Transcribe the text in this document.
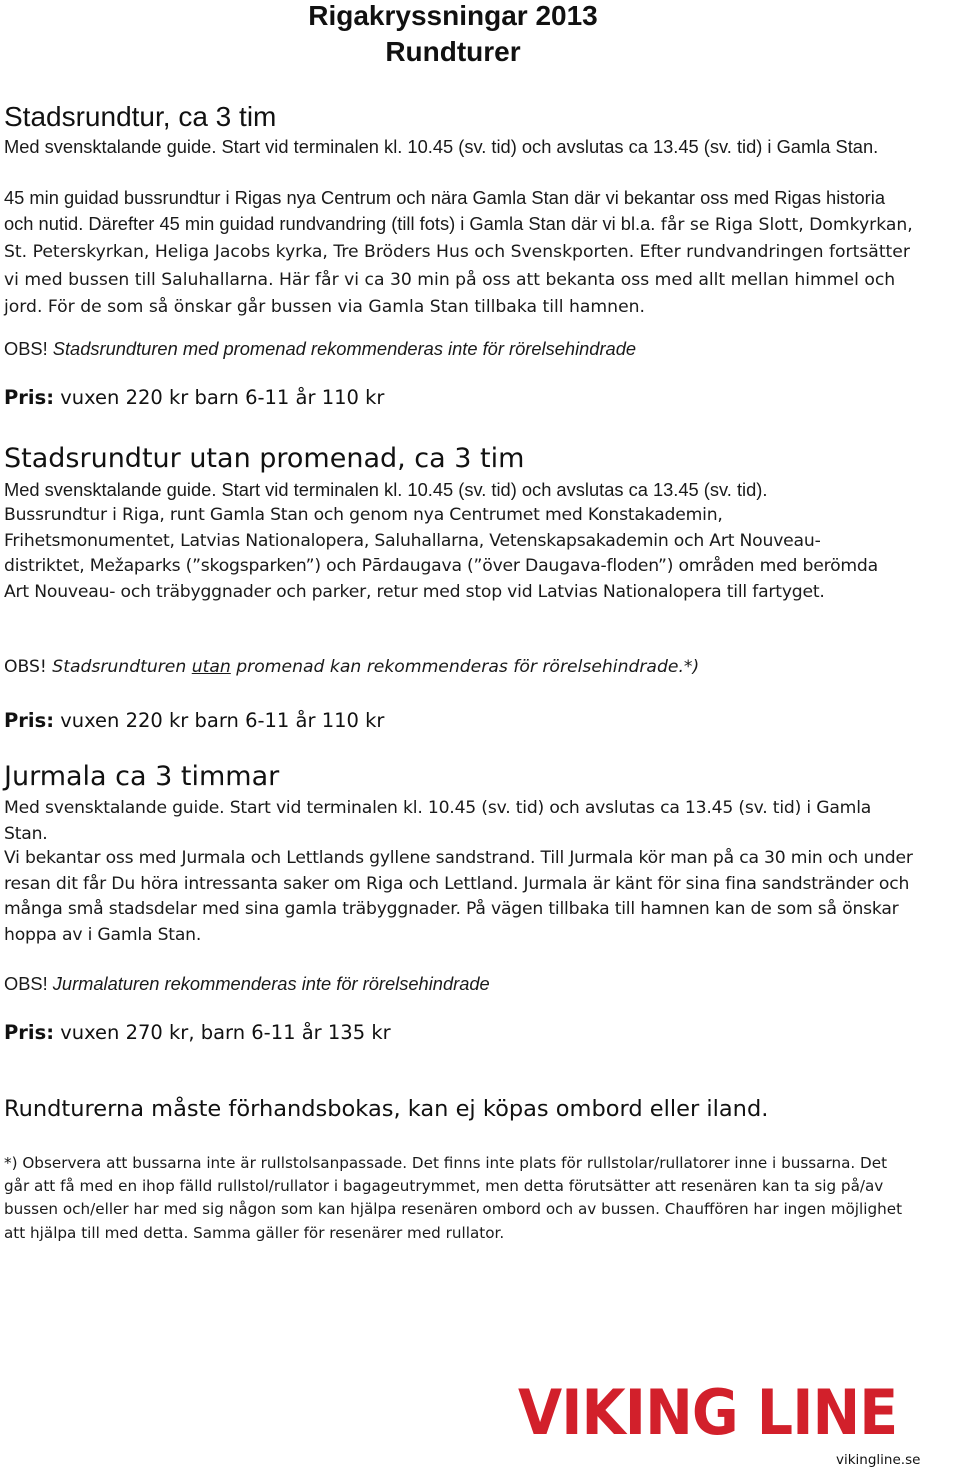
Rigakryssningar 2013
Rundturer
Stadsrundtur, ca 3 tim
Med svensktalande guide. Start vid terminalen kl. 10.45 (sv. tid) och avslutas ca 13.45 (sv. tid) i Gamla Stan.
45 min guidad bussrundtur i Rigas nya Centrum och nära Gamla Stan där vi bekantar oss med Rigas historia och nutid. Därefter 45 min guidad rundvandring (till fots) i Gamla Stan där vi bl.a. får se Riga Slott, Domkyrkan, St. Peterskyrkan, Heliga Jacobs kyrka, Tre Bröders Hus och Svenskporten. Efter rundvandringen fortsätter vi med bussen till Saluhallarna. Här får vi ca 30 min på oss att bekanta oss med allt mellan himmel och jord. För de som så önskar går bussen via Gamla Stan tillbaka till hamnen.
OBS! Stadsrundturen med promenad rekommenderas inte för rörelsehindrade
Pris: vuxen 220 kr barn 6-11 år 110 kr
Stadsrundtur utan promenad, ca 3 tim
Med svensktalande guide. Start vid terminalen kl. 10.45 (sv. tid) och avslutas ca 13.45 (sv. tid).
Bussrundtur i Riga, runt Gamla Stan och genom nya Centrumet med Konstakademin, Frihetsmonumentet, Latvias Nationalopera, Saluhallarna, Vetenskapsakademin och Art Nouveau-distriktet, Mežaparks (”skogsparken”) och Pārdaugava (”över Daugava-floden”) områden med berömda Art Nouveau- och träbyggnader och parker, retur med stop vid Latvias Nationalopera till fartyget.
OBS! Stadsrundturen utan promenad kan rekommenderas för rörelsehindrade.*)
Pris: vuxen 220 kr barn 6-11 år 110 kr
Jurmala ca 3 timmar
Med svensktalande guide. Start vid terminalen kl. 10.45 (sv. tid) och avslutas ca 13.45 (sv. tid) i Gamla Stan.
Vi bekantar oss med Jurmala och Lettlands gyllene sandstrand. Till Jurmala kör man på ca 30 min och under resan dit får Du höra intressanta saker om Riga och Lettland. Jurmala är känt för sina fina sandstränder och många små stadsdelar med sina gamla träbyggnader. På vägen tillbaka till hamnen kan de som så önskar hoppa av i Gamla Stan.
OBS! Jurmalaturen rekommenderas inte för rörelsehindrade
Pris: vuxen 270 kr, barn 6-11 år 135 kr
Rundturerna måste förhandsbokas, kan ej köpas ombord eller iland.
*) Observera att bussarna inte är rullstolsanpassade. Det finns inte plats för rullstolar/rullatorer inne i bussarna. Det går att få med en ihop fälld rullstol/rullator i bagageutrymmet, men detta förutsätter att resenären kan ta sig på/av bussen och/eller har med sig någon som kan hjälpa resenären ombord och av bussen. Chauffören har ingen möjlighet att hjälpa till med detta. Samma gäller för resenärer med rullator.
VIKING LINE
vikingline.se
